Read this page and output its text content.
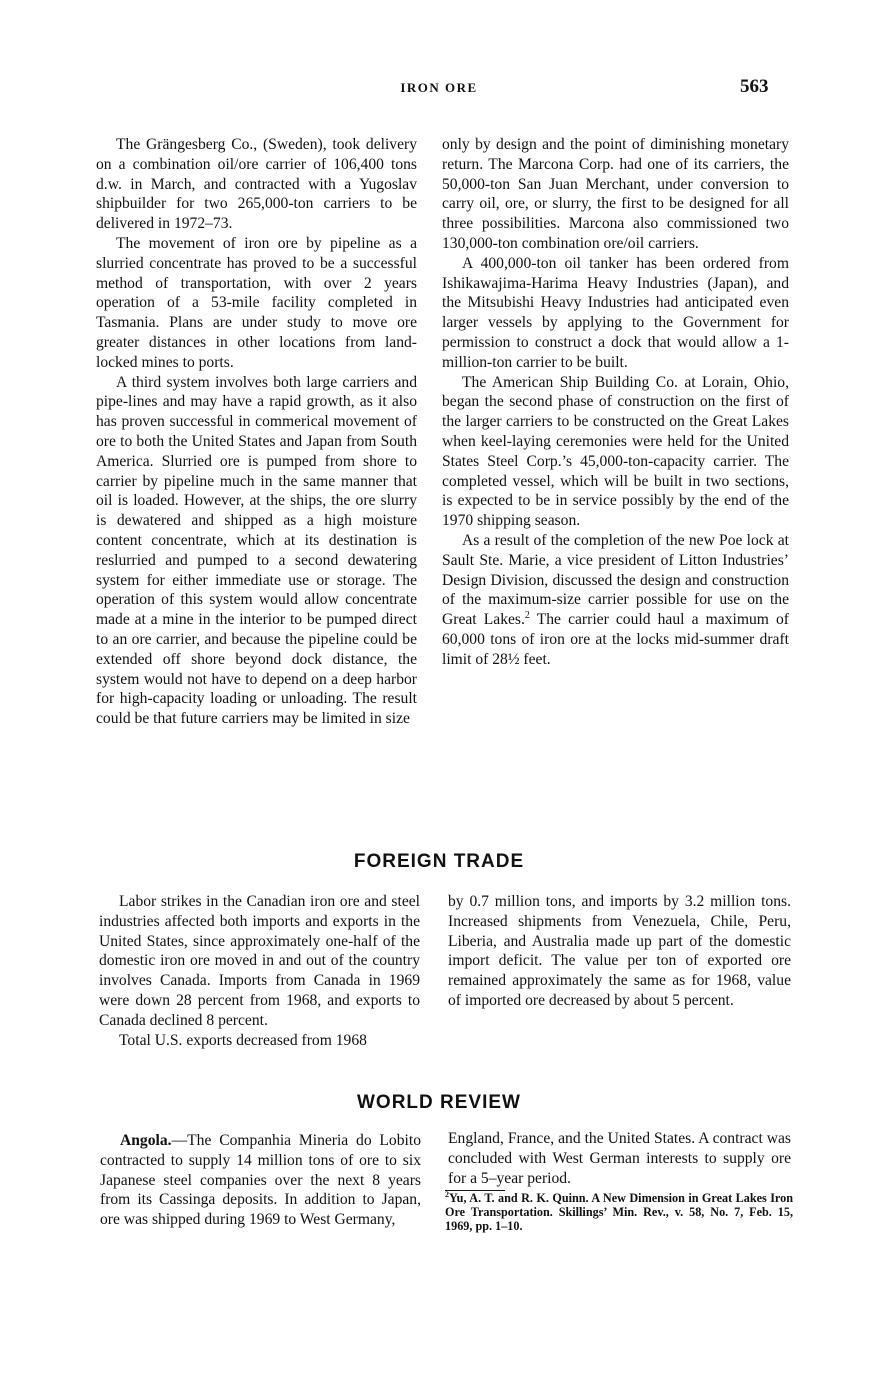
IRON ORE	563

The Grängesberg Co., (Sweden), took delivery on a combination oil/ore carrier of 106,400 tons d.w. in March, and contracted with a Yugoslav shipbuilder for two 265,000-ton carriers to be delivered in 1972–73.

The movement of iron ore by pipeline as a slurried concentrate has proved to be a successful method of transportation, with over 2 years operation of a 53-mile facility completed in Tasmania. Plans are under study to move ore greater distances in other locations from land-locked mines to ports.

A third system involves both large carriers and pipe-lines and may have a rapid growth, as it also has proven successful in commerical movement of ore to both the United States and Japan from South America. Slurried ore is pumped from shore to carrier by pipeline much in the same manner that oil is loaded. However, at the ships, the ore slurry is dewatered and shipped as a high moisture content concentrate, which at its destination is reslurried and pumped to a second dewatering system for either immediate use or storage. The operation of this system would allow concentrate made at a mine in the interior to be pumped direct to an ore carrier, and because the pipeline could be extended off shore beyond dock distance, the system would not have to depend on a deep harbor for high-capacity loading or unloading. The result could be that future carriers may be limited in size

only by design and the point of diminishing monetary return. The Marcona Corp. had one of its carriers, the 50,000-ton San Juan Merchant, under conversion to carry oil, ore, or slurry, the first to be designed for all three possibilities. Marcona also commissioned two 130,000-ton combination ore/oil carriers.

A 400,000-ton oil tanker has been ordered from Ishikawajima-Harima Heavy Industries (Japan), and the Mitsubishi Heavy Industries had anticipated even larger vessels by applying to the Government for permission to construct a dock that would allow a 1-million-ton carrier to be built.

The American Ship Building Co. at Lorain, Ohio, began the second phase of construction on the first of the larger carriers to be constructed on the Great Lakes when keel-laying ceremonies were held for the United States Steel Corp.’s 45,000-ton-capacity carrier. The completed vessel, which will be built in two sections, is expected to be in service possibly by the end of the 1970 shipping season.

As a result of the completion of the new Poe lock at Sault Ste. Marie, a vice president of Litton Industries’ Design Division, discussed the design and construction of the maximum-size carrier possible for use on the Great Lakes.$^2$ The carrier could haul a maximum of 60,000 tons of iron ore at the locks mid-summer draft limit of 28½ feet.

FOREIGN TRADE

Labor strikes in the Canadian iron ore and steel industries affected both imports and exports in the United States, since approximately one-half of the domestic iron ore moved in and out of the country involves Canada. Imports from Canada in 1969 were down 28 percent from 1968, and exports to Canada declined 8 percent.

Total U.S. exports decreased from 1968

by 0.7 million tons, and imports by 3.2 million tons. Increased shipments from Venezuela, Chile, Peru, Liberia, and Australia made up part of the domestic import deficit. The value per ton of exported ore remained approximately the same as for 1968, value of imported ore decreased by about 5 percent.

WORLD REVIEW

Angola.—The Companhia Mineria do Lobito contracted to supply 14 million tons of ore to six Japanese steel companies over the next 8 years from its Cassinga deposits. In addition to Japan, ore was shipped during 1969 to West Germany,

England, France, and the United States. A contract was concluded with West German interests to supply ore for a 5–year period.

$^2$Yu, A. T. and R. K. Quinn. A New Dimension in Great Lakes Iron Ore Transportation. Skillings’ Min. Rev., v. 58, No. 7, Feb. 15, 1969, pp. 1–10.
